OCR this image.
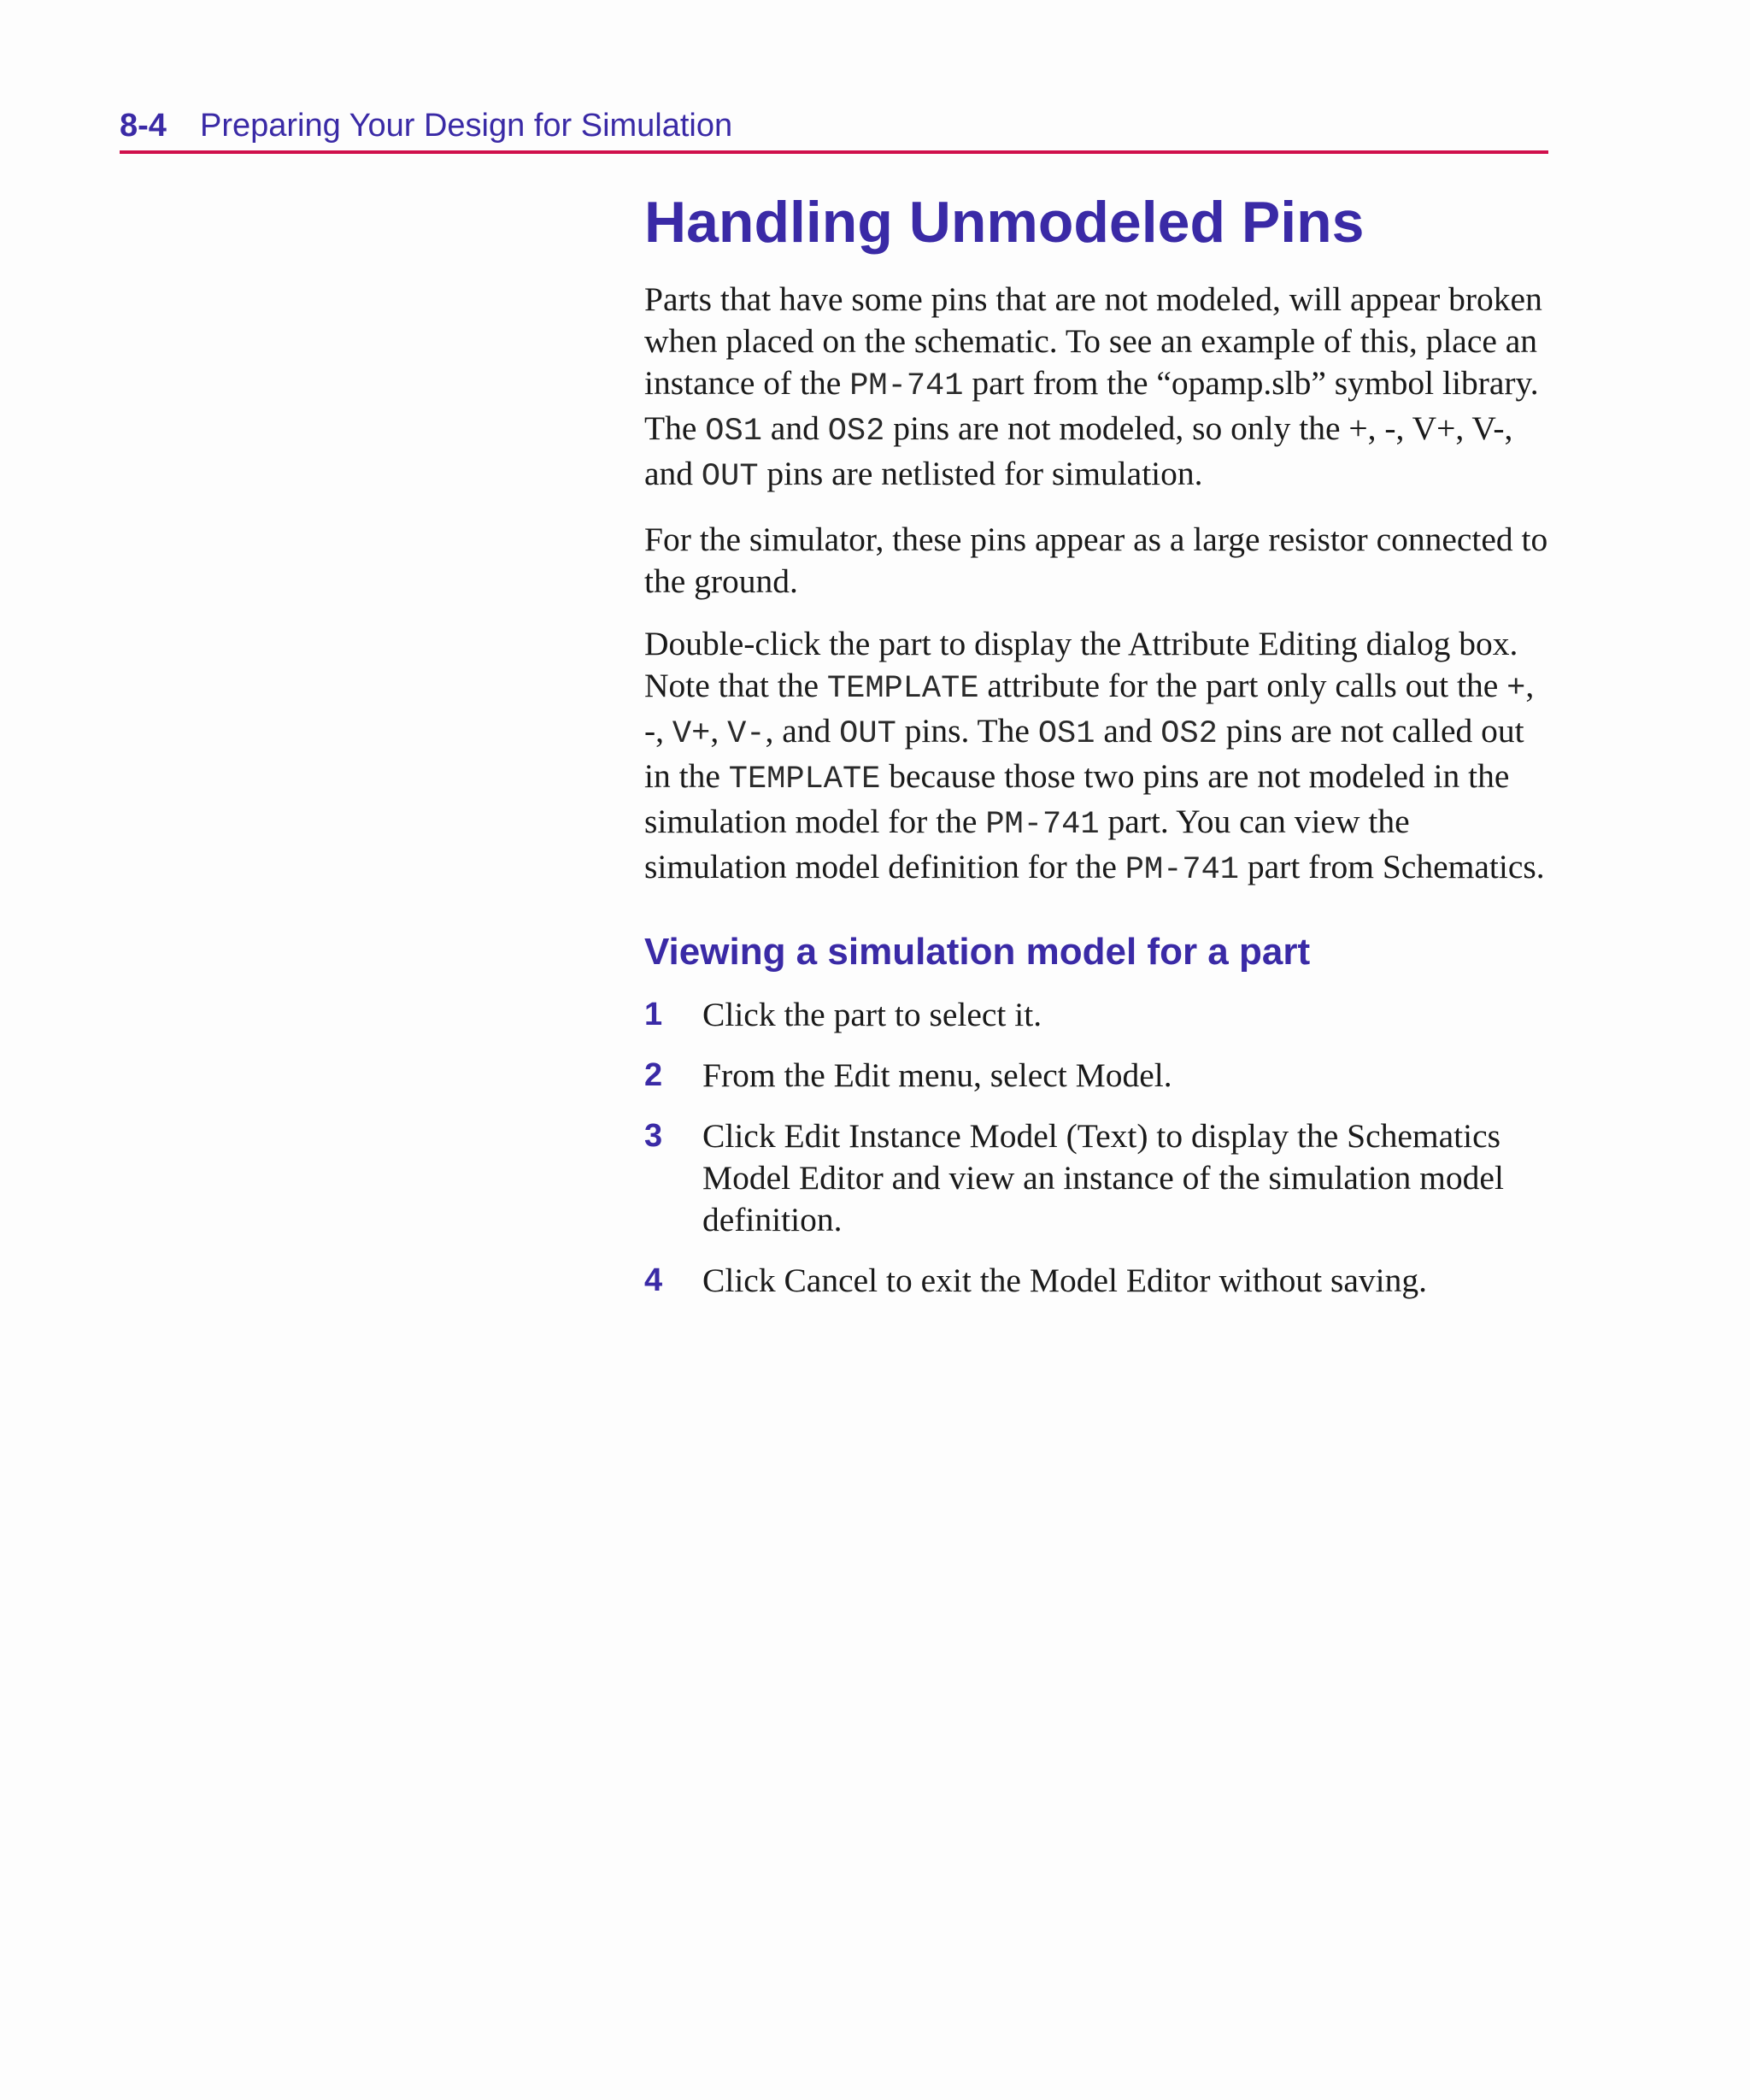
8-4 Preparing Your Design for Simulation
Handling Unmodeled Pins

Parts that have some pins that are not modeled, will appear broken when placed on the schematic. To see an example of this, place an instance of the PM-741 part from the “opamp.slb” symbol library. The OS1 and OS2 pins are not modeled, so only the +, -, V+, V-, and OUT pins are netlisted for simulation.

For the simulator, these pins appear as a large resistor connected to the ground.

Double-click the part to display the Attribute Editing dialog box. Note that the TEMPLATE attribute for the part only calls out the +, -, V+, V-, and OUT pins. The OS1 and OS2 pins are not called out in the TEMPLATE because those two pins are not modeled in the simulation model for the PM-741 part. You can view the simulation model definition for the PM-741 part from Schematics.

Viewing a simulation model for a part
1 Click the part to select it.
2 From the Edit menu, select Model.
3 Click Edit Instance Model (Text) to display the Schematics Model Editor and view an instance of the simulation model definition.
4 Click Cancel to exit the Model Editor without saving.
